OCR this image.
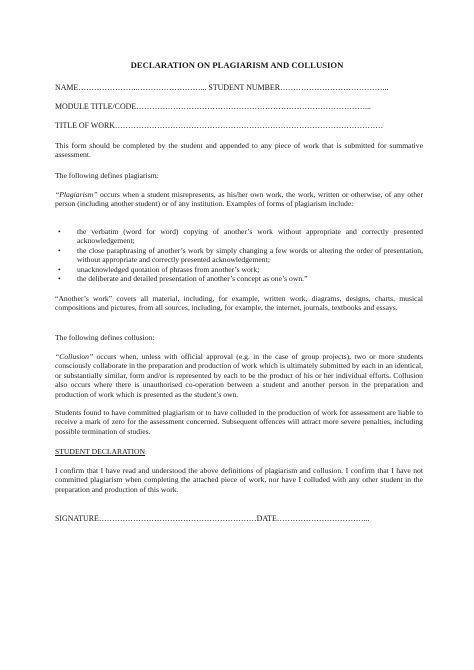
DECLARATION ON PLAGIARISM AND COLLUSION
NAME…………………..……………………... STUDENT NUMBER…………………………………...
MODULE TITLE/CODE……………………………………………………………………………...
TITLE OF WORK…………………………………………………………………………………………
This form should be completed by the student and appended to any piece of work that is submitted for summative assessment.
The following defines plagiarism:
“Plagiarism” occurs when a student misrepresents, as his/her own work, the work, written or otherwise, of any other person (including another student) or of any institution. Examples of forms of plagiarism include:
• the verbatim (word for word) copying of another’s work without appropriate and correctly presented acknowledgement;
• the close paraphrasing of another’s work by simply changing a few words or altering the order of presentation, without appropriate and correctly presented acknowledgement;
• unacknowledged quotation of phrases from another’s work;
• the deliberate and detailed presentation of another’s concept as one’s own.”
“Another’s work” covers all material, including, for example, written work, diagrams, designs, charts, musical compositions and pictures, from all sources, including, for example, the internet, journals, textbooks and essays.
The following defines collusion:
“Collusion” occurs when, unless with official approval (e.g. in the case of group projects), two or more students consciously collaborate in the preparation and production of work which is ultimately submitted by each in an identical, or substantially similar, form and/or is represented by each to be the product of his or her individual efforts. Collusion also occurs where there is unauthorised co-operation between a student and another person in the preparation and production of work which is presented as the student’s own.
Students found to have committed plagiarism or to have colluded in the production of work for assessment are liable to receive a mark of zero for the assessment concerned. Subsequent offences will attract more severe penalties, including possible termination of studies.
STUDENT DECLARATION
I confirm that I have read and understood the above definitions of plagiarism and collusion. I confirm that I have not committed plagiarism when completing the attached piece of work, nor have I colluded with any other student in the preparation and production of this work.
SIGNATURE……………………………………………………DATE……………………………...
